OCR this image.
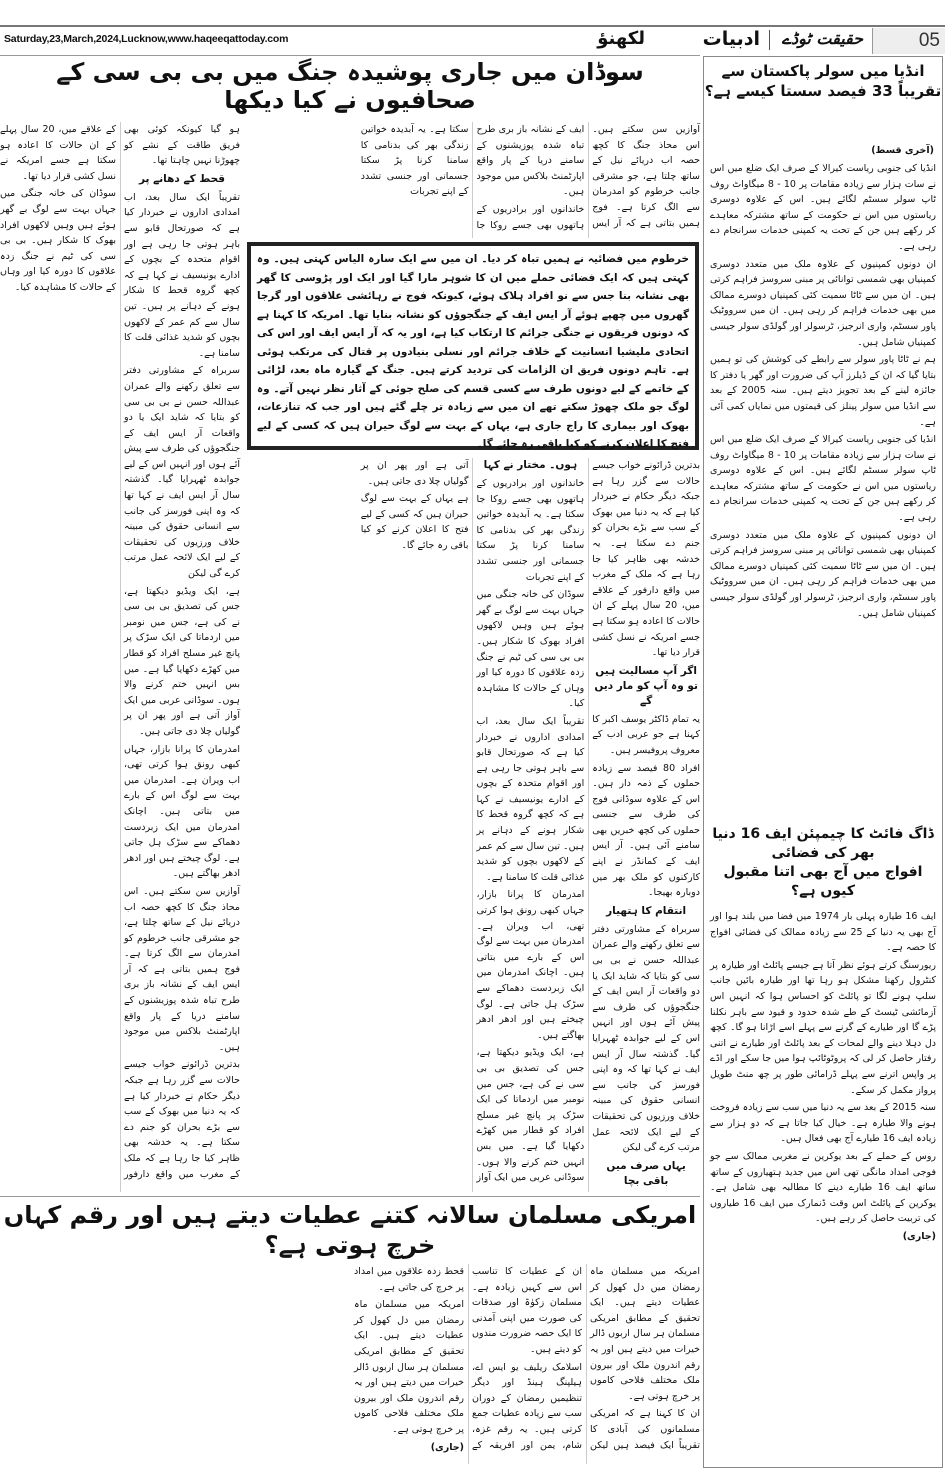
Saturday,23,March,2024,Lucknow,www.haqeeqattoday.com	لکھنؤ	ادبیات حقیقت ٹوڈے	05
سوڈان میں جاری پوشیدہ جنگ میں بی بی سی کے صحافیوں نے کیا دیکھا

ہو گیا کیونکہ کوئی بھی فریق طاقت کے نشے کو چھوڑنا نہیں چاہتا تھا۔

قحط کے دھانے پر

تقریباً ایک سال بعد، اب امدادی اداروں نے خبردار کیا ہے کہ صورتحال قابو سے باہر ہوتی جا رہی ہے اور اقوام متحدہ کے بچوں کے ادارے یونیسیف نے کہا ہے کہ کچھ گروہ قحط کا شکار ہونے کے دہانے پر ہیں۔ تین سال سے کم عمر کے لاکھوں بچوں کو شدید غذائی قلت کا سامنا ہے۔

سربراہ کے مشاورتی دفتر سے تعلق رکھنے والے عمران عبداللہ حسن نے بی بی سی کو بتایا کہ شاید ایک یا دو واقعات آر ایس ایف کے جنگجوؤں کی طرف سے پیش آئے ہوں اور انہیں اس کے لیے جوابدہ ٹھہرایا گیا۔ گذشتہ سال آر ایس ایف نے کہا تھا کہ وہ اپنی فورسز کی جانب سے انسانی حقوق کی مبینہ خلاف ورزیوں کی تحقیقات کے لیے ایک لائحہ عمل مرتب کرے گی لیکن

ہے، ایک ویڈیو دیکھتا ہے، جس کی تصدیق بی بی سی نے کی ہے، جس میں نومبر میں اردماتا کی ایک سڑک پر پانچ غیر مسلح افراد کو قطار میں کھڑے دکھایا گیا ہے۔ میں بس انہیں ختم کرنے والا ہوں۔ سوڈانی عربی میں ایک آواز آتی ہے اور پھر ان پر گولیاں چلا دی جاتی ہیں۔

امدرمان کا پرانا بازار، جہاں کبھی رونق ہوا کرتی تھی، اب ویران ہے۔ امدرمان میں بہت سے لوگ اس کے بارے میں بتاتی ہیں۔ اچانک امدرمان میں ایک زبردست دھماکے سے سڑک ہل جاتی ہے۔ لوگ چیختے ہیں اور ادھر ادھر بھاگتے ہیں۔

آوازیں سن سکتے ہیں۔ اس محاذ جنگ کا کچھ حصہ اب دریائے نیل کے ساتھ چلتا ہے، جو مشرقی جانب خرطوم کو امدرمان سے الگ کرتا ہے۔ فوج ہمیں بتاتی ہے کہ آر ایس ایف کے نشانہ باز بری طرح تباہ شدہ پوزیشنوں کے سامنے دریا کے پار واقع اپارٹمنٹ بلاکس میں موجود ہیں۔

بدترین ڈرائونے خواب جیسے حالات سے گزر رہا ہے جبکہ دیگر حکام نے خبردار کیا ہے کہ یہ دنیا میں بھوک کے سب سے بڑے بحران کو جنم دے سکتا ہے۔ یہ خدشہ بھی ظاہر کیا جا رہا ہے کہ ملک کے مغرب میں واقع دارفور کے علاقے میں، 20 سال پہلے کے ان حالات کا اعادہ ہو سکتا ہے جسے امریکہ نے نسل کشی قرار دیا تھا۔

سوڈان کی خانہ جنگی میں جہاں بہت سے لوگ بے گھر ہوئے ہیں وہیں لاکھوں افراد بھوک کا شکار ہیں۔ بی بی سی کی ٹیم نے جنگ زدہ علاقوں کا دورہ کیا اور وہاں کے حالات کا مشاہدہ کیا۔

آوازیں سن سکتے ہیں۔ اس محاذ جنگ کا کچھ حصہ اب دریائے نیل کے ساتھ چلتا ہے، جو مشرقی جانب خرطوم کو امدرمان سے الگ کرتا ہے۔ فوج ہمیں بتاتی ہے کہ آر ایس ایف کے نشانہ باز بری طرح تباہ شدہ پوزیشنوں کے سامنے دریا کے پار واقع اپارٹمنٹ بلاکس میں موجود ہیں۔

خاندانوں اور برادریوں کے ہاتھوں بھی جسے روکا جا سکتا ہے۔ یہ آبدیدہ خواتین زندگی بھر کی بدنامی کا سامنا کرنا پڑ سکتا جسمانی اور جنسی تشدد کے اپنے تجربات

خرطوم میں فضائیہ نے ہمیں تباہ کر دیا۔ ان میں سے ایک سارہ الیاس کہتی ہیں۔ وہ کہتی ہیں کہ ایک فضائی حملے میں ان کا شوہر مارا گیا اور ایک اور پڑوسی کا گھر بھی نشانہ بنا جس سے نو افراد ہلاک ہوئے، کیونکہ فوج نے رہائشی علاقوں اور گرجا گھروں میں چھپے ہوئے آر ایس ایف کے جنگجوؤں کو نشانہ بنایا تھا۔ امریکہ کا کہنا ہے کہ دونوں فریقوں نے جنگی جرائم کا ارتکاب کیا ہے، اور یہ کہ آر ایس ایف اور اس کی اتحادی ملیشیا انسانیت کے خلاف جرائم اور نسلی بنیادوں پر قتال کی مرتکب ہوئی ہے۔ تاہم دونوں فریق ان الزامات کی تردید کرتے ہیں۔ جنگ کے گیارہ ماہ بعد، لڑائی کے خاتمے کے لیے دونوں طرف سے کسی قسم کی صلح جوئی کے آثار نظر نہیں آتے۔ وہ لوگ جو ملک چھوڑ سکتے تھے ان میں سے زیادہ تر چلے گئے ہیں اور جب کہ تنازعات، بھوک اور بیماری کا راج جاری ہے، یہاں کے بہت سے لوگ حیران ہیں کہ کسی کے لیے فتح کا اعلان کرنے کو کیا باقی رہ جائے گا۔

بدترین ڈرائونے خواب جیسے حالات سے گزر رہا ہے جبکہ دیگر حکام نے خبردار کیا ہے کہ یہ دنیا میں بھوک کے سب سے بڑے بحران کو جنم دے سکتا ہے۔ یہ خدشہ بھی ظاہر کیا جا رہا ہے کہ ملک کے مغرب میں واقع دارفور کے علاقے میں، 20 سال پہلے کے ان حالات کا اعادہ ہو سکتا ہے جسے امریکہ نے نسل کشی قرار دیا تھا۔

اگر آپ مسالیت ہیں تو وہ آپ کو مار دیں گے

یہ تمام ڈاکٹر یوسف اکبر کا کہنا ہے جو عربی ادب کے معروف پروفیسر ہیں۔

افراد 80 فیصد سے زیادہ حملوں کے ذمہ دار ہیں۔ اس کے علاوہ سوڈانی فوج کی طرف سے جنسی حملوں کی کچھ خبریں بھی سامنے آئی ہیں۔ آر ایس ایف کے کمانڈر نے اپنے کارکنوں کو ملک بھر میں دوبارہ بھیجا۔

انتقام کا ہتھیار

سربراہ کے مشاورتی دفتر سے تعلق رکھنے والے عمران عبداللہ حسن نے بی بی سی کو بتایا کہ شاید ایک یا دو واقعات آر ایس ایف کے جنگجوؤں کی طرف سے پیش آئے ہوں اور انہیں اس کے لیے جوابدہ ٹھہرایا گیا۔ گذشتہ سال آر ایس ایف نے کہا تھا کہ وہ اپنی فورسز کی جانب سے انسانی حقوق کی مبینہ خلاف ورزیوں کی تحقیقات کے لیے ایک لائحہ عمل مرتب کرے گی لیکن

یہاں صرف میں باقی بچا
ہوں۔ مختار نے کہا

خاندانوں اور برادریوں کے ہاتھوں بھی جسے روکا جا سکتا ہے۔ یہ آبدیدہ خواتین زندگی بھر کی بدنامی کا سامنا کرنا پڑ سکتا جسمانی اور جنسی تشدد کے اپنے تجربات

سوڈان کی خانہ جنگی میں جہاں بہت سے لوگ بے گھر ہوئے ہیں وہیں لاکھوں افراد بھوک کا شکار ہیں۔ بی بی سی کی ٹیم نے جنگ زدہ علاقوں کا دورہ کیا اور وہاں کے حالات کا مشاہدہ کیا۔

تقریباً ایک سال بعد، اب امدادی اداروں نے خبردار کیا ہے کہ صورتحال قابو سے باہر ہوتی جا رہی ہے اور اقوام متحدہ کے بچوں کے ادارے یونیسیف نے کہا ہے کہ کچھ گروہ قحط کا شکار ہونے کے دہانے پر ہیں۔ تین سال سے کم عمر کے لاکھوں بچوں کو شدید غذائی قلت کا سامنا ہے۔

امدرمان کا پرانا بازار، جہاں کبھی رونق ہوا کرتی تھی، اب ویران ہے۔ امدرمان میں بہت سے لوگ اس کے بارے میں بتاتی ہیں۔ اچانک امدرمان میں ایک زبردست دھماکے سے سڑک ہل جاتی ہے۔ لوگ چیختے ہیں اور ادھر ادھر بھاگتے ہیں۔

ہے، ایک ویڈیو دیکھتا ہے، جس کی تصدیق بی بی سی نے کی ہے، جس میں نومبر میں اردماتا کی ایک سڑک پر پانچ غیر مسلح افراد کو قطار میں کھڑے دکھایا گیا ہے۔ میں بس انہیں ختم کرنے والا ہوں۔ سوڈانی عربی میں ایک آواز آتی ہے اور پھر ان پر گولیاں چلا دی جاتی ہیں۔

ہے یہاں کے بہت سے لوگ حیران ہیں کہ کسی کے لیے فتح کا اعلان کرنے کو کیا باقی رہ جائے گا۔

انڈیا میں سولر پاکستان سے
تقریباً 33 فیصد سستا کیسے ہے؟
(آخری قسط)

انڈیا کی جنوبی ریاست کیرالا کے صرف ایک ضلع میں اس نے سات ہزار سے زیادہ مقامات پر 10 - 8 میگاواٹ روف ٹاپ سولر سسٹم لگائے ہیں۔ اس کے علاوہ دوسری ریاستوں میں اس نے حکومت کے ساتھ مشترکہ معاہدے کر رکھے ہیں جن کے تحت یہ کمپنی خدمات سرانجام دے رہی ہے۔

ان دونوں کمپنیوں کے علاوہ ملک میں متعدد دوسری کمپنیاں بھی شمسی توانائی پر مبنی سروسز فراہم کرتی ہیں۔ ان میں سے ٹاٹا سمیت کئی کمپنیاں دوسرے ممالک میں بھی خدمات فراہم کر رہی ہیں۔ ان میں سرووٹیک پاور سسٹم، واری انرجیز، ٹرسولر اور گولڈی سولر جیسی کمپنیاں شامل ہیں۔

ہم نے ٹاٹا پاور سولر سے رابطے کی کوشش کی تو ہمیں بتایا گیا کہ ان کے ڈیلرز آپ کی ضرورت اور گھر یا دفتر کا جائزہ لینے کے بعد تجویز دیتے ہیں۔ سنہ 2005 کے بعد سے انڈیا میں سولر پینلز کی قیمتوں میں نمایاں کمی آئی ہے۔

انڈیا کی جنوبی ریاست کیرالا کے صرف ایک ضلع میں اس نے سات ہزار سے زیادہ مقامات پر 10 - 8 میگاواٹ روف ٹاپ سولر سسٹم لگائے ہیں۔ اس کے علاوہ دوسری ریاستوں میں اس نے حکومت کے ساتھ مشترکہ معاہدے کر رکھے ہیں جن کے تحت یہ کمپنی خدمات سرانجام دے رہی ہے۔

ان دونوں کمپنیوں کے علاوہ ملک میں متعدد دوسری کمپنیاں بھی شمسی توانائی پر مبنی سروسز فراہم کرتی ہیں۔ ان میں سے ٹاٹا سمیت کئی کمپنیاں دوسرے ممالک میں بھی خدمات فراہم کر رہی ہیں۔ ان میں سرووٹیک پاور سسٹم، واری انرجیز، ٹرسولر اور گولڈی سولر جیسی کمپنیاں شامل ہیں۔

ڈاگ فائٹ کا چیمپئن ایف 16 دنیا بھر کی فضائی
افواج میں آج بھی اتنا مقبول کیوں ہے؟

ایف 16 طیارہ پہلی بار 1974 میں فضا میں بلند ہوا اور آج بھی یہ دنیا کے 25 سے زیادہ ممالک کی فضائی افواج کا حصہ ہے۔

ریورسنگ کرتے ہوئے نظر آتا ہے جیسے پائلٹ اور طیارہ پر کنٹرول رکھنا مشکل ہو رہا تھا اور طیارہ بائیں جانب سلپ ہونے لگا تو پائلٹ کو احساس ہوا کہ انہیں اس آزمائشی ٹیسٹ کے طے شدہ حدود و قیود سے باہر نکلنا پڑے گا اور طیارے کے گرنے سے پہلے اسے اڑانا ہو گا۔ کچھ دل دہلا دینے والے لمحات کے بعد پائلٹ اور طیارے نے اتنی رفتار حاصل کر لی کہ پروٹوٹائپ ہوا میں جا سکے اور اڈے پر واپس اترنے سے پہلے ڈرامائی طور پر چھ منٹ طویل پرواز مکمل کر سکے۔

سنہ 2015 کے بعد سے یہ دنیا میں سب سے زیادہ فروخت ہونے والا طیارہ ہے۔ خیال کیا جاتا ہے کہ دو ہزار سے زیادہ ایف 16 طیارے آج بھی فعال ہیں۔

روس کے حملے کے بعد یوکرین نے مغربی ممالک سے جو فوجی امداد مانگی تھی اس میں جدید ہتھیاروں کے ساتھ ساتھ ایف 16 طیارے دینے کا مطالبہ بھی شامل ہے۔ یوکرین کے پائلٹ اس وقت ڈنمارک میں ایف 16 طیاروں کی تربیت حاصل کر رہے ہیں۔

(جاری)

امریکی مسلمان سالانہ کتنے عطیات دیتے ہیں اور رقم کہاں خرچ ہوتی ہے؟

امریکہ میں مسلمان ماہ رمضان میں دل کھول کر عطیات دیتے ہیں۔ ایک تحقیق کے مطابق امریکی مسلمان ہر سال اربوں ڈالر خیرات میں دیتے ہیں اور یہ رقم اندرون ملک اور بیرون ملک مختلف فلاحی کاموں پر خرچ ہوتی ہے۔

ان کا کہنا ہے کہ امریکی مسلمانوں کی آبادی کا تقریباً ایک فیصد ہیں لیکن ان کے عطیات کا تناسب اس سے کہیں زیادہ ہے۔ مسلمان زکوٰۃ اور صدقات کی صورت میں اپنی آمدنی کا ایک حصہ ضرورت مندوں کو دیتے ہیں۔

اسلامک ریلیف یو ایس اے، ہیلپنگ ہینڈ اور دیگر تنظیمیں رمضان کے دوران سب سے زیادہ عطیات جمع کرتی ہیں۔ یہ رقم غزہ، شام، یمن اور افریقہ کے قحط زدہ علاقوں میں امداد پر خرچ کی جاتی ہے۔

امریکہ میں مسلمان ماہ رمضان میں دل کھول کر عطیات دیتے ہیں۔ ایک تحقیق کے مطابق امریکی مسلمان ہر سال اربوں ڈالر خیرات میں دیتے ہیں اور یہ رقم اندرون ملک اور بیرون ملک مختلف فلاحی کاموں پر خرچ ہوتی ہے۔

(جاری)
